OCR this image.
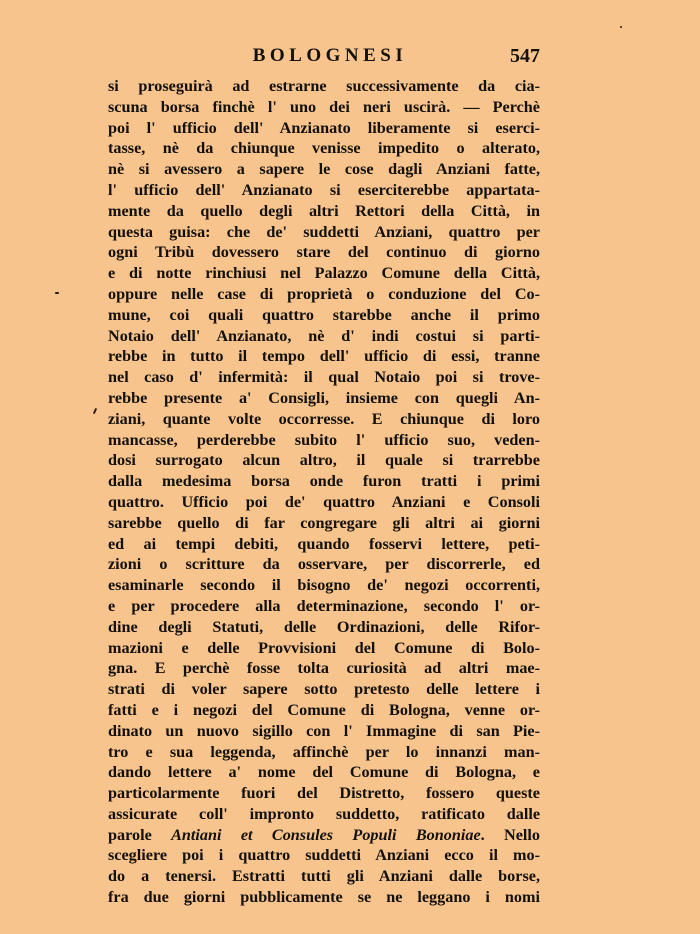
BOLOGNESI	547
si proseguirà ad estrarne successivamente da cia-
scuna borsa finchè l' uno dei neri uscirà. — Perchè
poi l' ufficio dell' Anzianato liberamente si eserci-
tasse, nè da chiunque venisse impedito o alterato,
nè si avessero a sapere le cose dagli Anziani fatte,
l' ufficio dell' Anzianato si eserciterebbe appartata-
mente da quello degli altri Rettori della Città, in
questa guisa: che de' suddetti Anziani, quattro per
ogni Tribù dovessero stare del continuo di giorno
e di notte rinchiusi nel Palazzo Comune della Città,
oppure nelle case di proprietà o conduzione del Co-
mune, coi quali quattro starebbe anche il primo
Notaio dell' Anzianato, nè d' indi costui si parti-
rebbe in tutto il tempo dell' ufficio di essi, tranne
nel caso d' infermità: il qual Notaio poi si trove-
rebbe presente a' Consigli, insieme con quegli An-
ziani, quante volte occorresse. E chiunque di loro
mancasse, perderebbe subito l' ufficio suo, veden-
dosi surrogato alcun altro, il quale si trarrebbe
dalla medesima borsa onde furon tratti i primi
quattro. Ufficio poi de' quattro Anziani e Consoli
sarebbe quello di far congregare gli altri ai giorni
ed ai tempi debiti, quando fosservi lettere, peti-
zioni o scritture da osservare, per discorrerle, ed
esaminarle secondo il bisogno de' negozi occorrenti,
e per procedere alla determinazione, secondo l' or-
dine degli Statuti, delle Ordinazioni, delle Rifor-
mazioni e delle Provvisioni del Comune di Bolo-
gna. E perchè fosse tolta curiosità ad altri mae-
strati di voler sapere sotto pretesto delle lettere i
fatti e i negozi del Comune di Bologna, venne or-
dinato un nuovo sigillo con l' Immagine di san Pie-
tro e sua leggenda, affinchè per lo innanzi man-
dando lettere a' nome del Comune di Bologna, e
particolarmente fuori del Distretto, fossero queste
assicurate coll' impronto suddetto, ratificato dalle
parole Antiani et Consules Populi Bononiae. Nello
scegliere poi i quattro suddetti Anziani ecco il mo-
do a tenersi. Estratti tutti gli Anziani dalle borse,
fra due giorni pubblicamente se ne leggano i nomi
